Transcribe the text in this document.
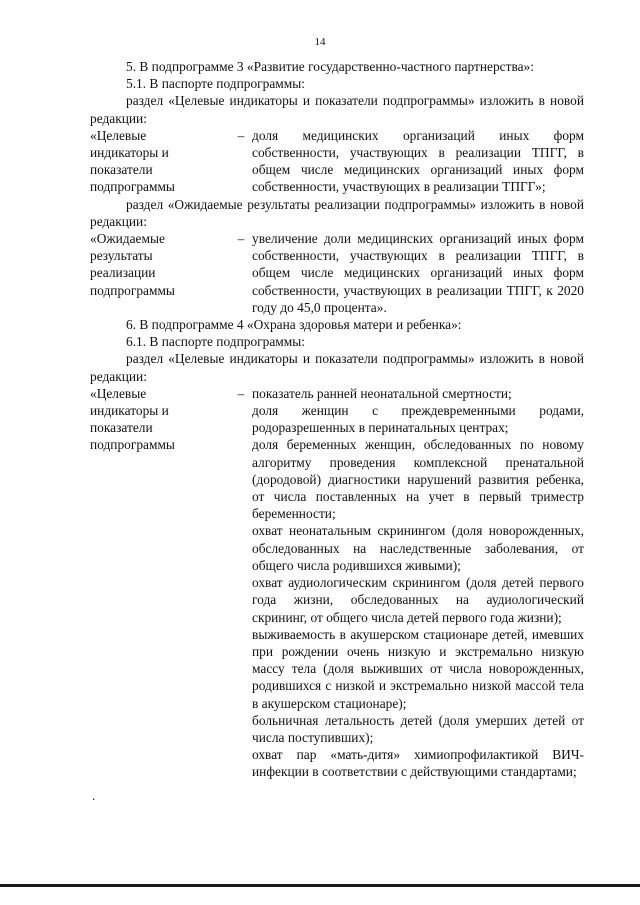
14

5. В подпрограмме 3 «Развитие государственно-частного партнерства»:

5.1. В паспорте подпрограммы:

раздел «Целевые индикаторы и показатели подпрограммы» изложить в новой редакции:

«Целевые
индикаторы и
показатели
подпрограммы
– доля медицинских организаций иных форм собственности, участвующих в реализации ТПГГ, в общем числе медицинских организаций иных форм собственности, участвующих в реализации ТПГГ»;

раздел «Ожидаемые результаты реализации подпрограммы» изложить в новой редакции:

«Ожидаемые
результаты
реализации
подпрограммы
– увеличение доли медицинских организаций иных форм собственности, участвующих в реализации ТПГГ, в общем числе медицинских организаций иных форм собственности, участвующих в реализации ТПГГ, к 2020 году до 45,0 процента».

6. В подпрограмме 4 «Охрана здоровья матери и ребенка»:

6.1. В паспорте подпрограммы:

раздел «Целевые индикаторы и показатели подпрограммы» изложить в новой редакции:

«Целевые
индикаторы и
показатели
подпрограммы
– показатель ранней неонатальной смертности;

доля женщин с преждевременными родами, родоразрешенных в перинатальных центрах;

доля беременных женщин, обследованных по новому алгоритму проведения комплексной пренатальной (дородовой) диагностики нарушений развития ребенка, от числа поставленных на учет в первый триместр беременности;

охват неонатальным скринингом (доля новорожденных, обследованных на наследственные заболевания, от общего числа родившихся живыми);

охват аудиологическим скринингом (доля детей первого года жизни, обследованных на аудиологический скрининг, от общего числа детей первого года жизни);

выживаемость в акушерском стационаре детей, имевших при рождении очень низкую и экстремально низкую массу тела (доля выживших от числа новорожденных, родившихся с низкой и экстремально низкой массой тела в акушерском стационаре);

больничная летальность детей (доля умерших детей от числа поступивших);

охват пар «мать-дитя» химиопрофилактикой ВИЧ-инфекции в соответствии с действующими стандартами;

.
